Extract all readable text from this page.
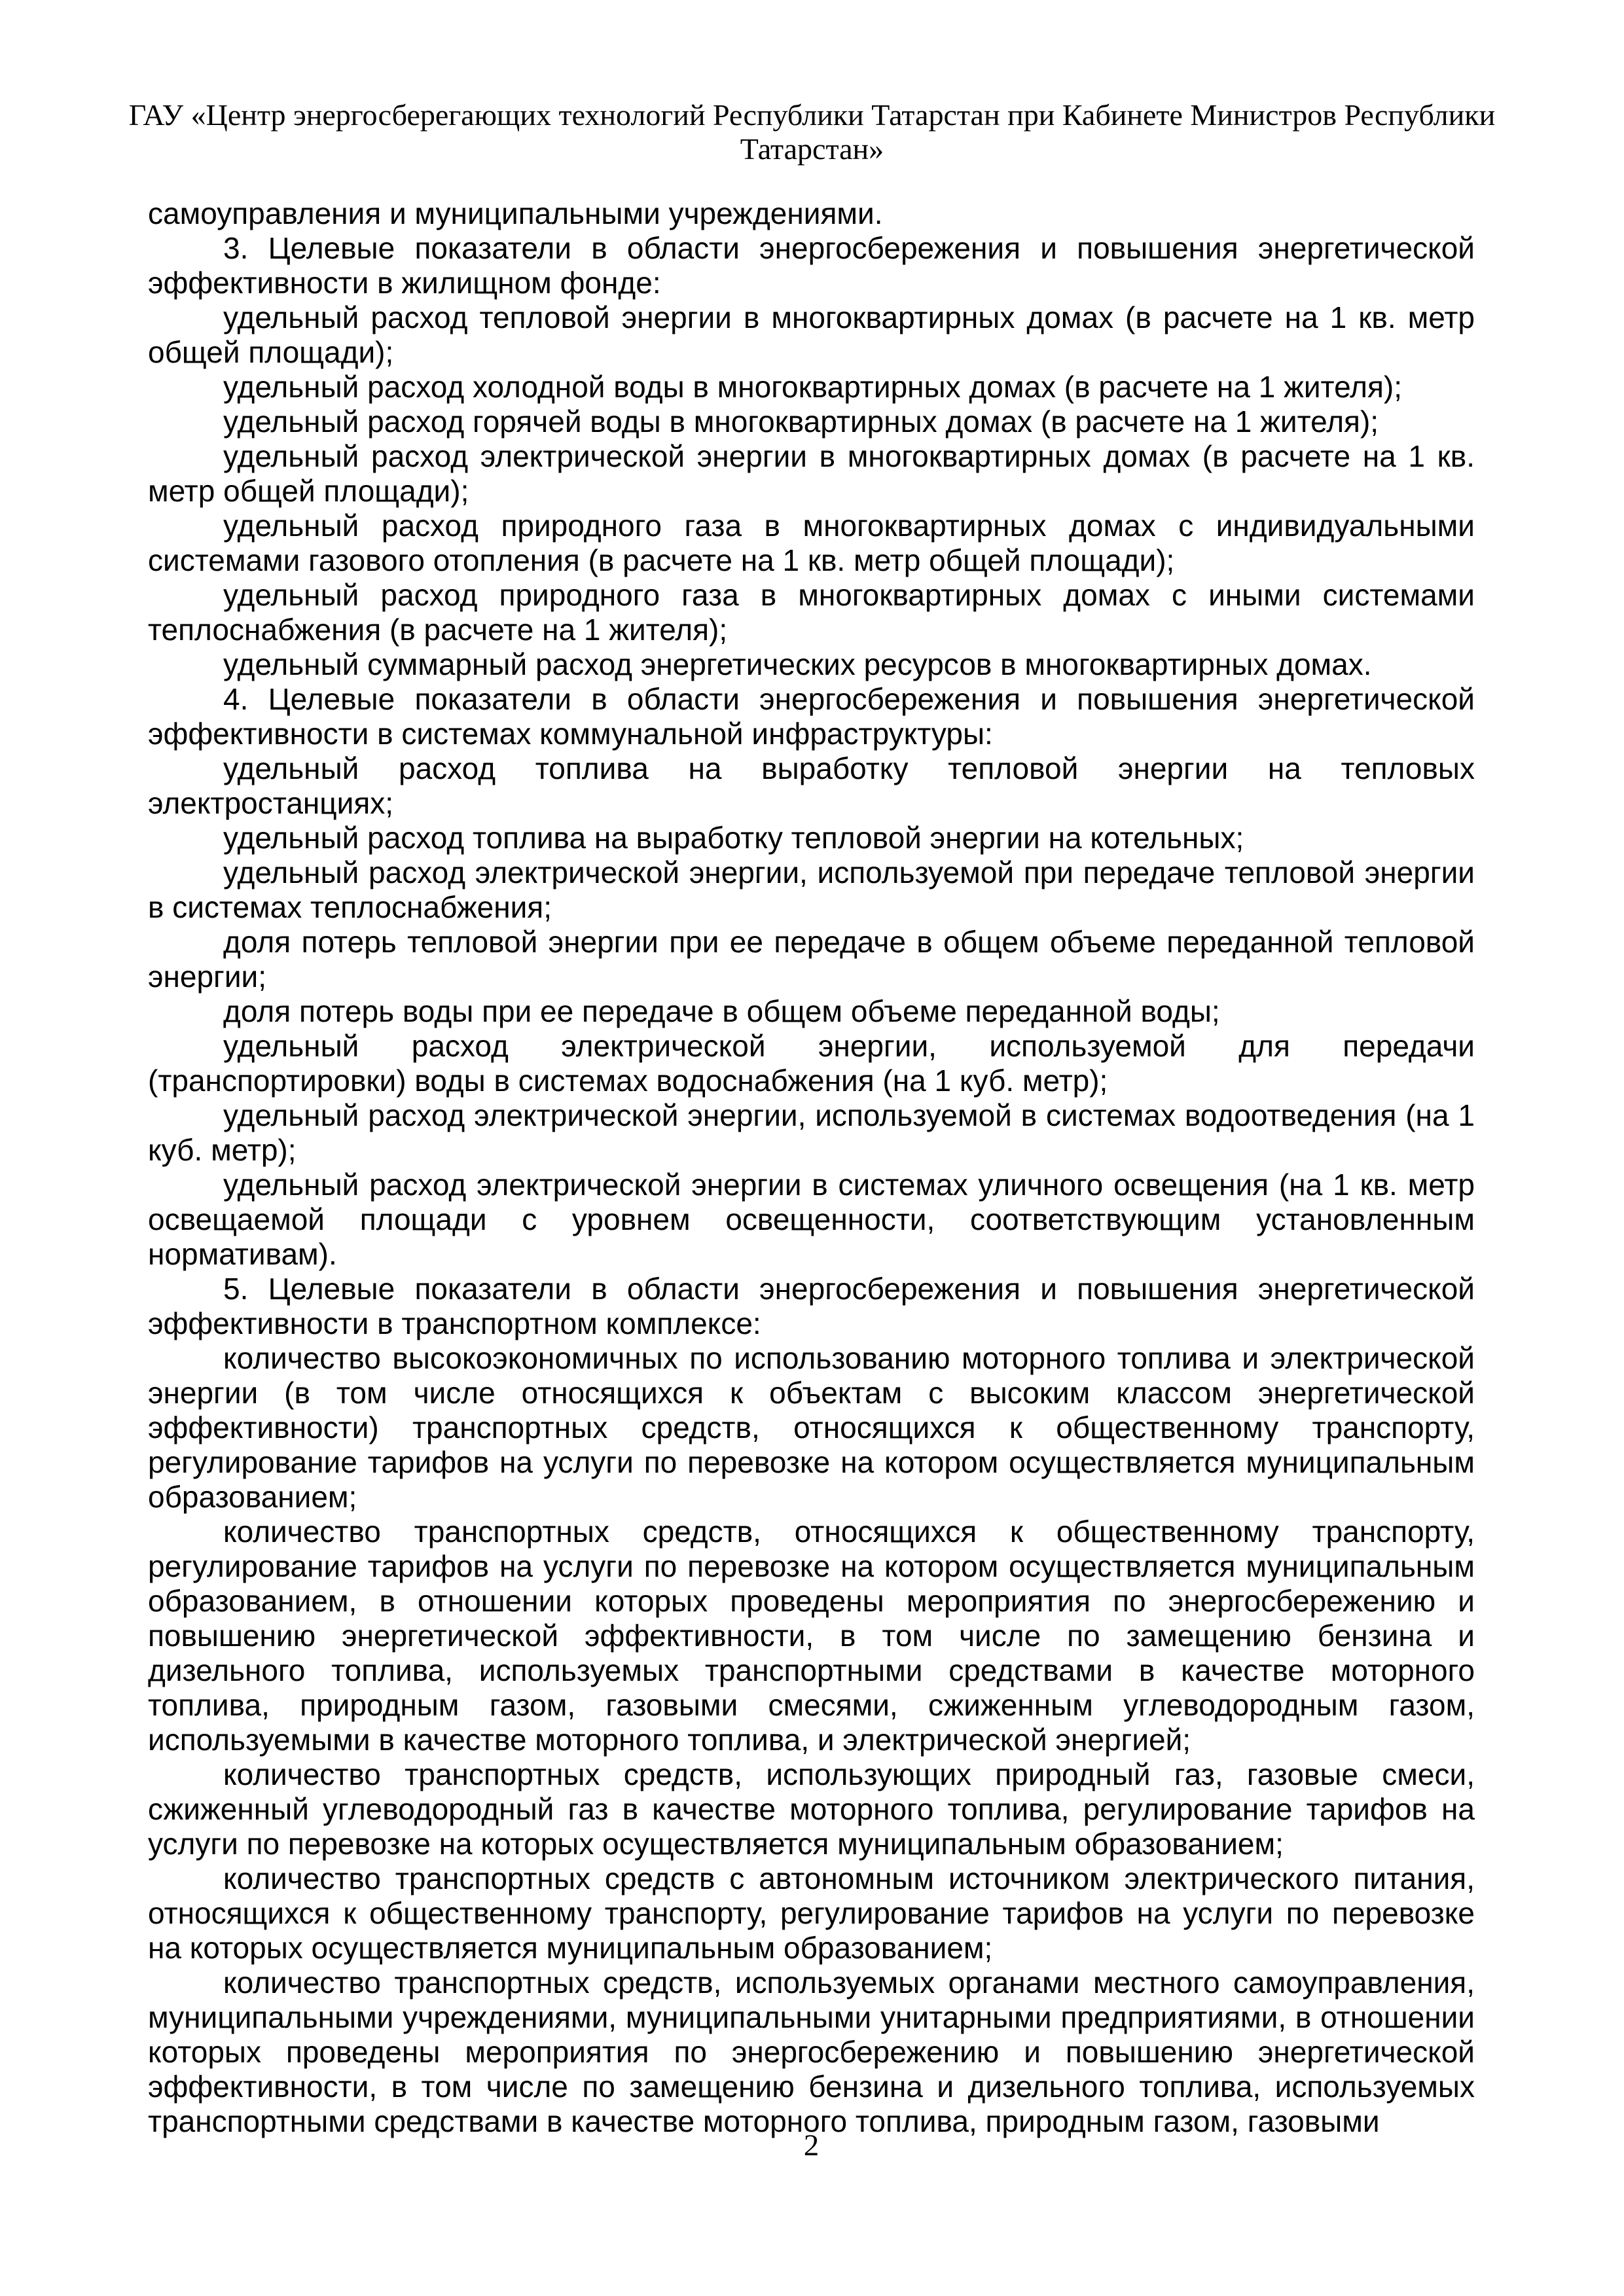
ГАУ «Центр энергосберегающих технологий Республики Татарстан при Кабинете Министров Республики
Татарстан»

самоуправления и муниципальными учреждениями.

3. Целевые показатели в области энергосбережения и повышения энергетической эффективности в жилищном фонде:

удельный расход тепловой энергии в многоквартирных домах (в расчете на 1 кв. метр общей площади);

удельный расход холодной воды в многоквартирных домах (в расчете на 1 жителя);

удельный расход горячей воды в многоквартирных домах (в расчете на 1 жителя);

удельный расход электрической энергии в многоквартирных домах (в расчете на 1 кв. метр общей площади);

удельный расход природного газа в многоквартирных домах с индивидуальными системами газового отопления (в расчете на 1 кв. метр общей площади);

удельный расход природного газа в многоквартирных домах с иными системами теплоснабжения (в расчете на 1 жителя);

удельный суммарный расход энергетических ресурсов в многоквартирных домах.

4. Целевые показатели в области энергосбережения и повышения энергетической эффективности в системах коммунальной инфраструктуры:

удельный расход топлива на выработку тепловой энергии на тепловых электростанциях;

удельный расход топлива на выработку тепловой энергии на котельных;

удельный расход электрической энергии, используемой при передаче тепловой энергии в системах теплоснабжения;

доля потерь тепловой энергии при ее передаче в общем объеме переданной тепловой энергии;

доля потерь воды при ее передаче в общем объеме переданной воды;

удельный расход электрической энергии, используемой для передачи (транспортировки) воды в системах водоснабжения (на 1 куб. метр);

удельный расход электрической энергии, используемой в системах водоотведения (на 1 куб. метр);

удельный расход электрической энергии в системах уличного освещения (на 1 кв. метр освещаемой площади с уровнем освещенности, соответствующим установленным нормативам).

5. Целевые показатели в области энергосбережения и повышения энергетической эффективности в транспортном комплексе:

количество высокоэкономичных по использованию моторного топлива и электрической энергии (в том числе относящихся к объектам с высоким классом энергетической эффективности) транспортных средств, относящихся к общественному транспорту, регулирование тарифов на услуги по перевозке на котором осуществляется муниципальным образованием;

количество транспортных средств, относящихся к общественному транспорту, регулирование тарифов на услуги по перевозке на котором осуществляется муниципальным образованием, в отношении которых проведены мероприятия по энергосбережению и повышению энергетической эффективности, в том числе по замещению бензина и дизельного топлива, используемых транспортными средствами в качестве моторного топлива, природным газом, газовыми смесями, сжиженным углеводородным газом, используемыми в качестве моторного топлива, и электрической энергией;

количество транспортных средств, использующих природный газ, газовые смеси, сжиженный углеводородный газ в качестве моторного топлива, регулирование тарифов на услуги по перевозке на которых осуществляется муниципальным образованием;

количество транспортных средств с автономным источником электрического питания, относящихся к общественному транспорту, регулирование тарифов на услуги по перевозке на которых осуществляется муниципальным образованием;

количество транспортных средств, используемых органами местного самоуправления, муниципальными учреждениями, муниципальными унитарными предприятиями, в отношении которых проведены мероприятия по энергосбережению и повышению энергетической эффективности, в том числе по замещению бензина и дизельного топлива, используемых транспортными средствами в качестве моторного топлива, природным газом, газовыми

2
